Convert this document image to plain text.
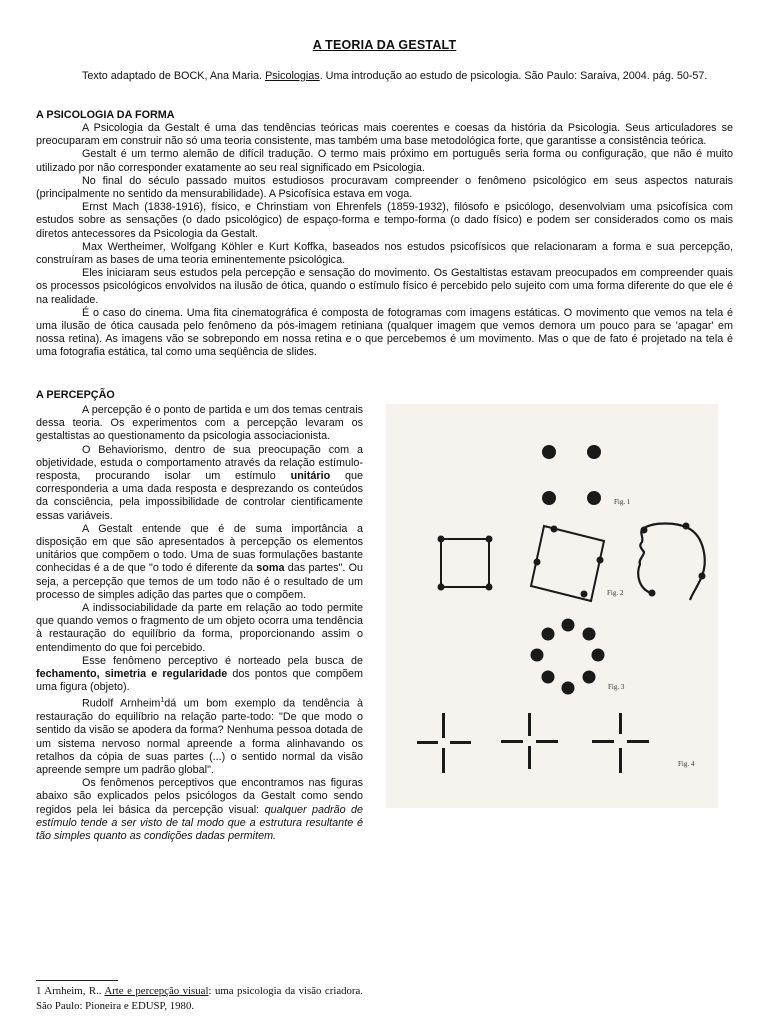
A TEORIA DA GESTALT
Texto adaptado de BOCK, Ana Maria. Psicologias. Uma introdução ao estudo de psicologia. São Paulo: Saraiva, 2004. pág. 50-57.
A PSICOLOGIA DA FORMA

A Psicologia da Gestalt é uma das tendências teóricas mais coerentes e coesas da história da Psicologia. Seus articuladores se preocuparam em construir não só uma teoria consistente, mas também uma base metodológica forte, que garantisse a consistência teórica.

Gestalt é um termo alemão de difícil tradução. O termo mais próximo em português seria forma ou configuração, que não é muito utilizado por não corresponder exatamente ao seu real significado em Psicologia.

No final do século passado muitos estudiosos procuravam compreender o fenômeno psicológico em seus aspectos naturais (principalmente no sentido da mensurabilidade). A Psicofísica estava em voga.

Ernst Mach (1838-1916), físico, e Chrinstiam von Ehrenfels (1859-1932), filósofo e psicólogo, desenvolviam uma psicofísica com estudos sobre as sensações (o dado psicológico) de espaço-forma e tempo-forma (o dado físico) e podem ser considerados como os mais diretos antecessores da Psicologia da Gestalt.

Max Wertheimer, Wolfgang Köhler e Kurt Koffka, baseados nos estudos psicofísicos que relacionaram a forma e sua percepção, construíram as bases de uma teoria eminentemente psicológica.

Eles iniciaram seus estudos pela percepção e sensação do movimento. Os Gestaltistas estavam preocupados em compreender quais os processos psicológicos envolvidos na ilusão de ótica, quando o estímulo físico é percebido pelo sujeito com uma forma diferente do que ele é na realidade.

É o caso do cinema. Uma fita cinematográfica é composta de fotogramas com imagens estáticas. O movimento que vemos na tela é uma ilusão de ótica causada pelo fenômeno da pós-imagem retiniana (qualquer imagem que vemos demora um pouco para se 'apagar' em nossa retina). As imagens vão se sobrepondo em nossa retina e o que percebemos é um movimento. Mas o que de fato é projetado na tela é uma fotografia estática, tal como uma seqüência de slides.

A PERCEPÇÃO

A percepção é o ponto de partida e um dos temas centrais dessa teoria. Os experimentos com a percepção levaram os gestaltistas ao questionamento da psicologia associacionista.

O Behaviorismo, dentro de sua preocupação com a objetividade, estuda o comportamento através da relação estímulo-resposta, procurando isolar um estímulo unitário que corresponderia a uma dada resposta e desprezando os conteúdos da consciência, pela impossibilidade de controlar cientificamente essas variáveis.

A Gestalt entende que é de suma importância a disposição em que são apresentados à percepção os elementos unitários que compõem o todo. Uma de suas formulações bastante conhecidas é a de que "o todo é diferente da soma das partes". Ou seja, a percepção que temos de um todo não é o resultado de um processo de simples adição das partes que o compõem.

A indissociabilidade da parte em relação ao todo permite que quando vemos o fragmento de um objeto ocorra uma tendência à restauração do equilíbrio da forma, proporcionando assim o entendimento do que foi percebido.

Esse fenômeno perceptivo é norteado pela busca de fechamento, simetria e regularidade dos pontos que compõem uma figura (objeto).

Rudolf Arnheim$^1$dá um bom exemplo da tendência à restauração do equilíbrio na relação parte-todo: "De que modo o sentido da visão se apodera da forma? Nenhuma pessoa dotada de um sistema nervoso normal apreende a forma alinhavando os retalhos da cópia de suas partes (...) o sentido normal da visão apreende sempre um padrão global".

Os fenômenos perceptivos que encontramos nas figuras abaixo são explicados pelos psicólogos da Gestalt como sendo regidos pela lei básica da percepção visual: qualquer padrão de estímulo tende a ser visto de tal modo que a estrutura resultante é tão simples quanto as condições dadas permitem.

1 Arnheim, R.. Arte e percepção visual: uma psicologia da visão criadora. São Paulo: Pioneira e EDUSP, 1980.
Fig. 1
Fig. 2
Fig. 3
Fig. 4
